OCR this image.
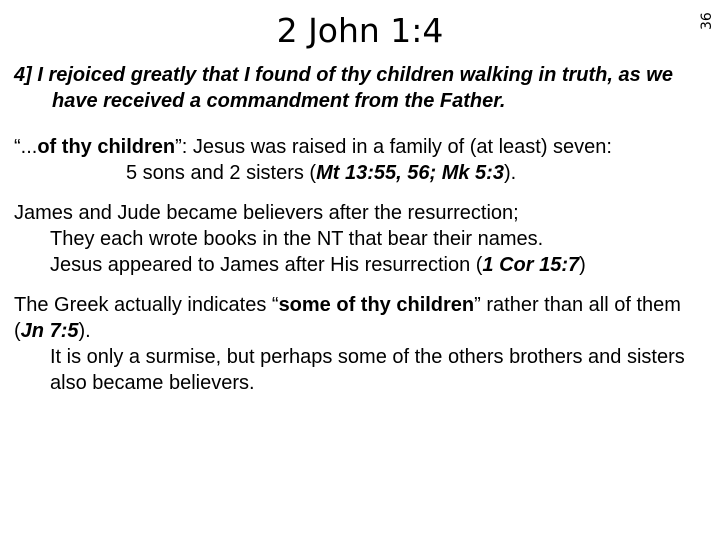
2 John 1:4	36

4] I rejoiced greatly that I found of thy children walking in truth, as we have received a commandment from the Father.

“...of thy children”: Jesus was raised in a family of (at least) seven:

5 sons and 2 sisters (Mt 13:55, 56; Mk 5:3).

James and Jude became believers after the resurrection;

They each wrote books in the NT that bear their names.

Jesus appeared to James after His resurrection (1 Cor 15:7)

The Greek actually indicates “some of thy children” rather than all of them (Jn 7:5).

It is only a surmise, but perhaps some of the others brothers and sisters also became believers.
